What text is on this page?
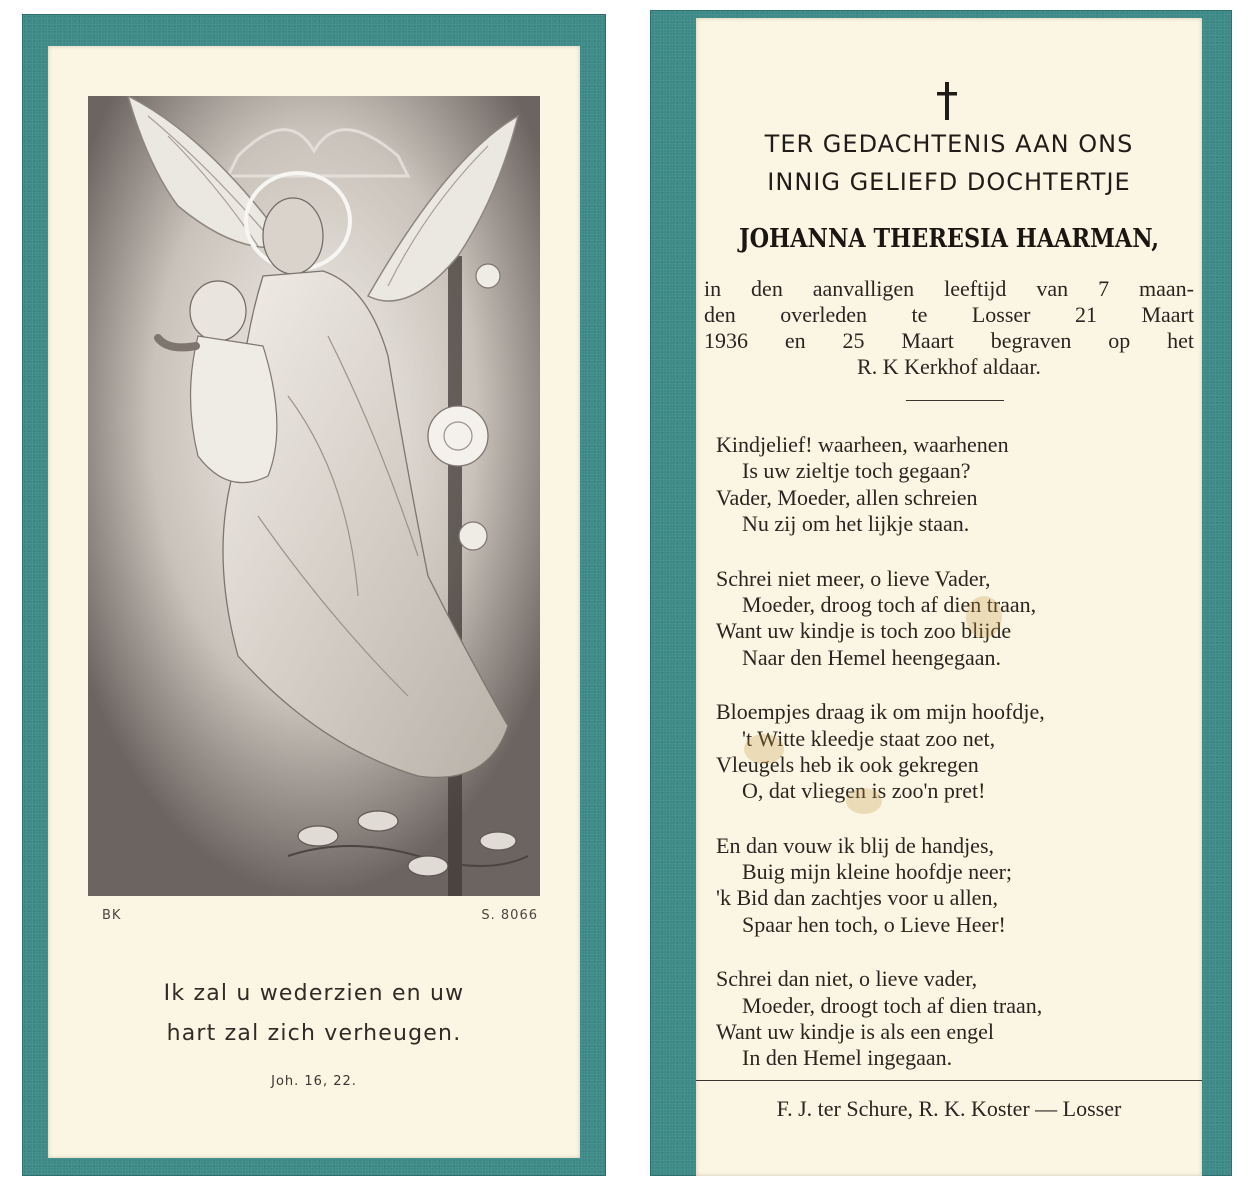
BK	S. 8066
Ik zal u wederzien en uw
hart zal zich verheugen.
Joh. 16, 22.
TER GEDACHTENIS AAN ONS
INNIG GELIEFD DOCHTERTJE
JOHANNA THERESIA HAARMAN,
in den aanvalligen leeftijd van 7 maan-
den overleden te Losser 21 Maart
1936 en 25 Maart begraven op het
R. K Kerkhof aldaar.
Kindjelief! waarheen, waarhenen
Is uw zieltje toch gegaan?
Vader, Moeder, allen schreien
Nu zij om het lijkje staan.
Schrei niet meer, o lieve Vader,
Moeder, droog toch af dien traan,
Want uw kindje is toch zoo blijde
Naar den Hemel heengegaan.
Bloempjes draag ik om mijn hoofdje,
't Witte kleedje staat zoo net,
Vleugels heb ik ook gekregen
O, dat vliegen is zoo'n pret!
En dan vouw ik blij de handjes,
Buig mijn kleine hoofdje neer;
'k Bid dan zachtjes voor u allen,
Spaar hen toch, o Lieve Heer!
Schrei dan niet, o lieve vader,
Moeder, droogt toch af dien traan,
Want uw kindje is als een engel
In den Hemel ingegaan.
F. J. ter Schure, R. K. Koster — Losser
